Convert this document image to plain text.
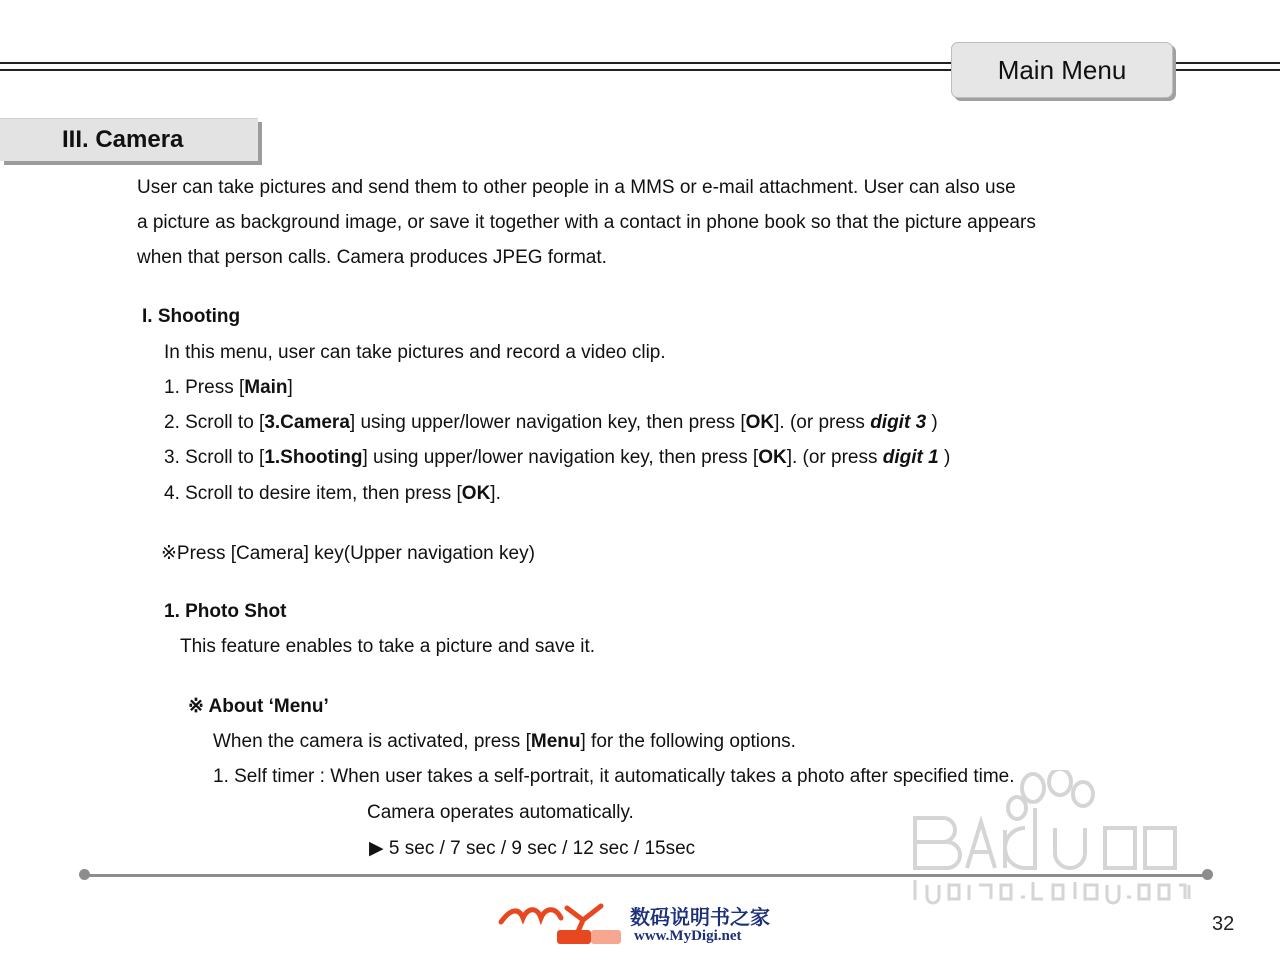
Main Menu
III. Camera
User can take pictures and send them to other people in a MMS or e-mail attachment. User can also use
a picture as background image, or save it together with a contact in phone book so that the picture appears
when that person calls. Camera produces JPEG format.
I. Shooting
In this menu, user can take pictures and record a video clip.
1. Press [Main]
2. Scroll to [3.Camera] using upper/lower navigation key, then press [OK]. (or press digit 3 )
3. Scroll to [1.Shooting] using upper/lower navigation key, then press [OK]. (or press digit 1 )
4. Scroll to desire item, then press [OK].
※Press [Camera] key(Upper navigation key)
1. Photo Shot
This feature enables to take a picture and save it.
※ About ‘Menu’
When the camera is activated, press [Menu] for the following options.
1. Self timer : When user takes a self-portrait, it automatically takes a photo after specified time.
Camera operates automatically.
▶ 5 sec / 7 sec / 9 sec / 12 sec / 15sec
数码说明书之家
www.MyDigi.net
32
